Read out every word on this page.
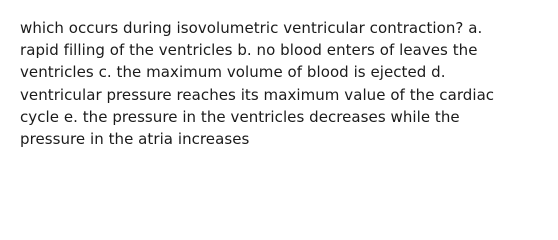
which occurs during isovolumetric ventricular contraction? a.
rapid filling of the ventricles b. no blood enters of leaves the
ventricles c. the maximum volume of blood is ejected d.
ventricular pressure reaches its maximum value of the cardiac
cycle e. the pressure in the ventricles decreases while the
pressure in the atria increases
